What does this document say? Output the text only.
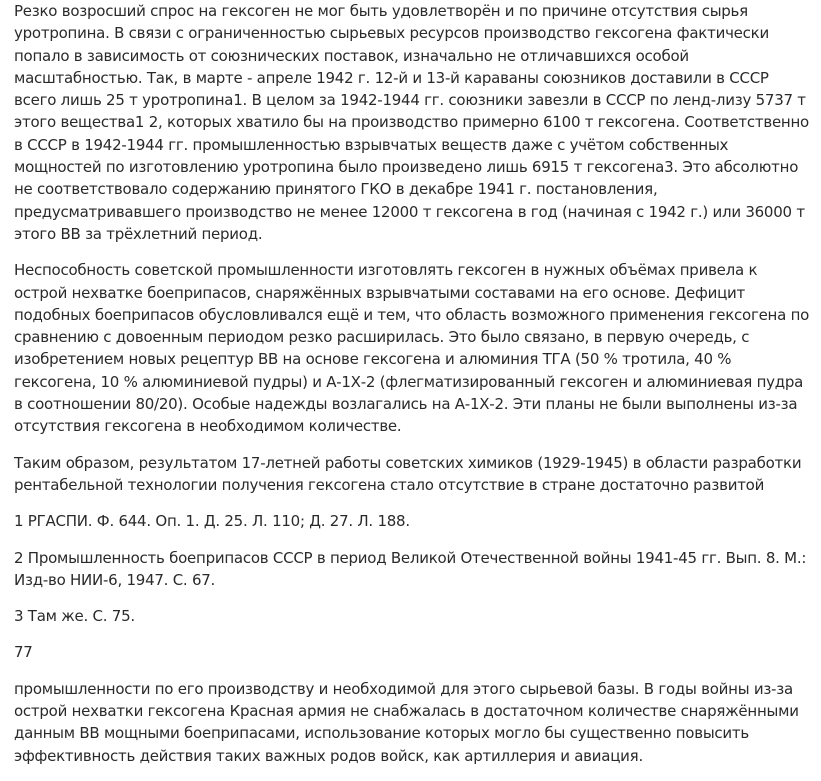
Резко возросший спрос на гексоген не мог быть удовлетворён и по причине отсутствия сырья уротропина. В связи с ограниченностью сырьевых ресурсов производство гексогена фактически попало в зависимость от союзнических поставок, изначально не отличавшихся особой масштабностью. Так, в марте - апреле 1942 г. 12-й и 13-й караваны союзников доставили в СССР всего лишь 25 т уротропина1. В целом за 1942-1944 гг. союзники завезли в СССР по ленд-лизу 5737 т этого вещества1 2, которых хватило бы на производство примерно 6100 т гексогена. Соответственно в СССР в 1942-1944 гг. промышленностью взрывчатых веществ даже с учётом собственных мощностей по изготовлению уротропина было произведено лишь 6915 т гексогена3. Это абсолютно не соответствовало содержанию принятого ГКО в декабре 1941 г. постановления, предусматривавшего производство не менее 12000 т гексогена в год (начиная с 1942 г.) или 36000 т этого ВВ за трёхлетний период.

Неспособность советской промышленности изготовлять гексоген в нужных объёмах привела к острой нехватке боеприпасов, снаряжённых взрывчатыми составами на его основе. Дефицит подобных боеприпасов обусловливался ещё и тем, что область возможного применения гексогена по сравнению с довоенным периодом резко расширилась. Это было связано, в первую очередь, с изобретением новых рецептур ВВ на основе гексогена и алюминия ТГА (50 % тротила, 40 % гексогена, 10 % алюминиевой пудры) и А-1Х-2 (флегматизированный гексоген и алюминиевая пудра в соотношении 80/20). Особые надежды возлагались на А-1Х-2. Эти планы не были выполнены из-за отсутствия гексогена в необходимом количестве.

Таким образом, результатом 17-летней работы советских химиков (1929-1945) в области разработки рентабельной технологии получения гексогена стало отсутствие в стране достаточно развитой

1 РГАСПИ. Ф. 644. Оп. 1. Д. 25. Л. 110; Д. 27. Л. 188.

2 Промышленность боеприпасов СССР в период Великой Отечественной войны 1941-45 гг. Вып. 8. М.: Изд-во НИИ-6, 1947. С. 67.

3 Там же. С. 75.

77

промышленности по его производству и необходимой для этого сырьевой базы. В годы войны из-за острой нехватки гексогена Красная армия не снабжалась в достаточном количестве снаряжёнными данным ВВ мощными боеприпасами, использование которых могло бы существенно повысить эффективность действия таких важных родов войск, как артиллерия и авиация.
